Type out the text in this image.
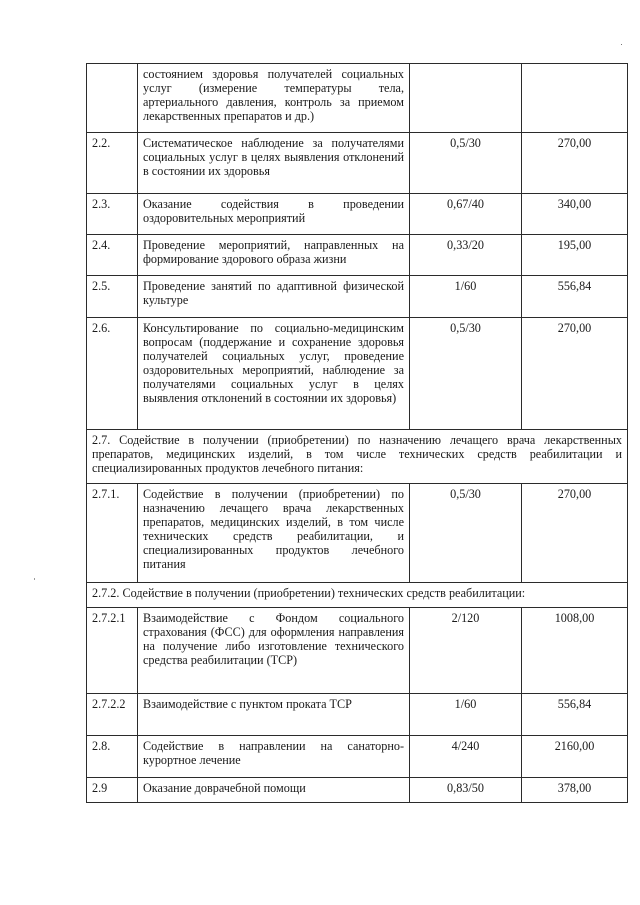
	состоянием здоровья получателей социальных услуг (измерение температуры тела, артериального давления, контроль за приемом лекарственных препаратов и др.)		
2.2.	Систематическое наблюдение за получателями социальных услуг в целях выявления отклонений в состоянии их здоровья	0,5/30	270,00
2.3.	Оказание содействия в проведении оздоровительных мероприятий	0,67/40	340,00
2.4.	Проведение мероприятий, направленных на формирование здорового образа жизни	0,33/20	195,00
2.5.	Проведение занятий по адаптивной физической культуре	1/60	556,84
2.6.	Консультирование по социально-медицинским вопросам (поддержание и сохранение здоровья получателей социальных услуг, проведение оздоровительных мероприятий, наблюдение за получателями социальных услуг в целях выявления отклонений в состоянии их здоровья)	0,5/30	270,00
2.7. Содействие в получении (приобретении) по назначению лечащего врача лекарственных препаратов, медицинских изделий, в том числе технических средств реабилитации и специализированных продуктов лечебного питания:			
2.7.1.	Содействие в получении (приобретении) по назначению лечащего врача лекарственных препаратов, медицинских изделий, в том числе технических средств реабилитации, и специализированных продуктов лечебного питания	0,5/30	270,00
2.7.2. Содействие в получении (приобретении) технических средств реабилитации:			
2.7.2.1	Взаимодействие с Фондом социального страхования (ФСС) для оформления направления на получение либо изготовление технического средства реабилитации (ТСР)	2/120	1008,00
2.7.2.2	Взаимодействие с пунктом проката ТСР	1/60	556,84
2.8.	Содействие в направлении на санаторно-курортное лечение	4/240	2160,00
2.9	Оказание доврачебной помощи	0,83/50	378,00
